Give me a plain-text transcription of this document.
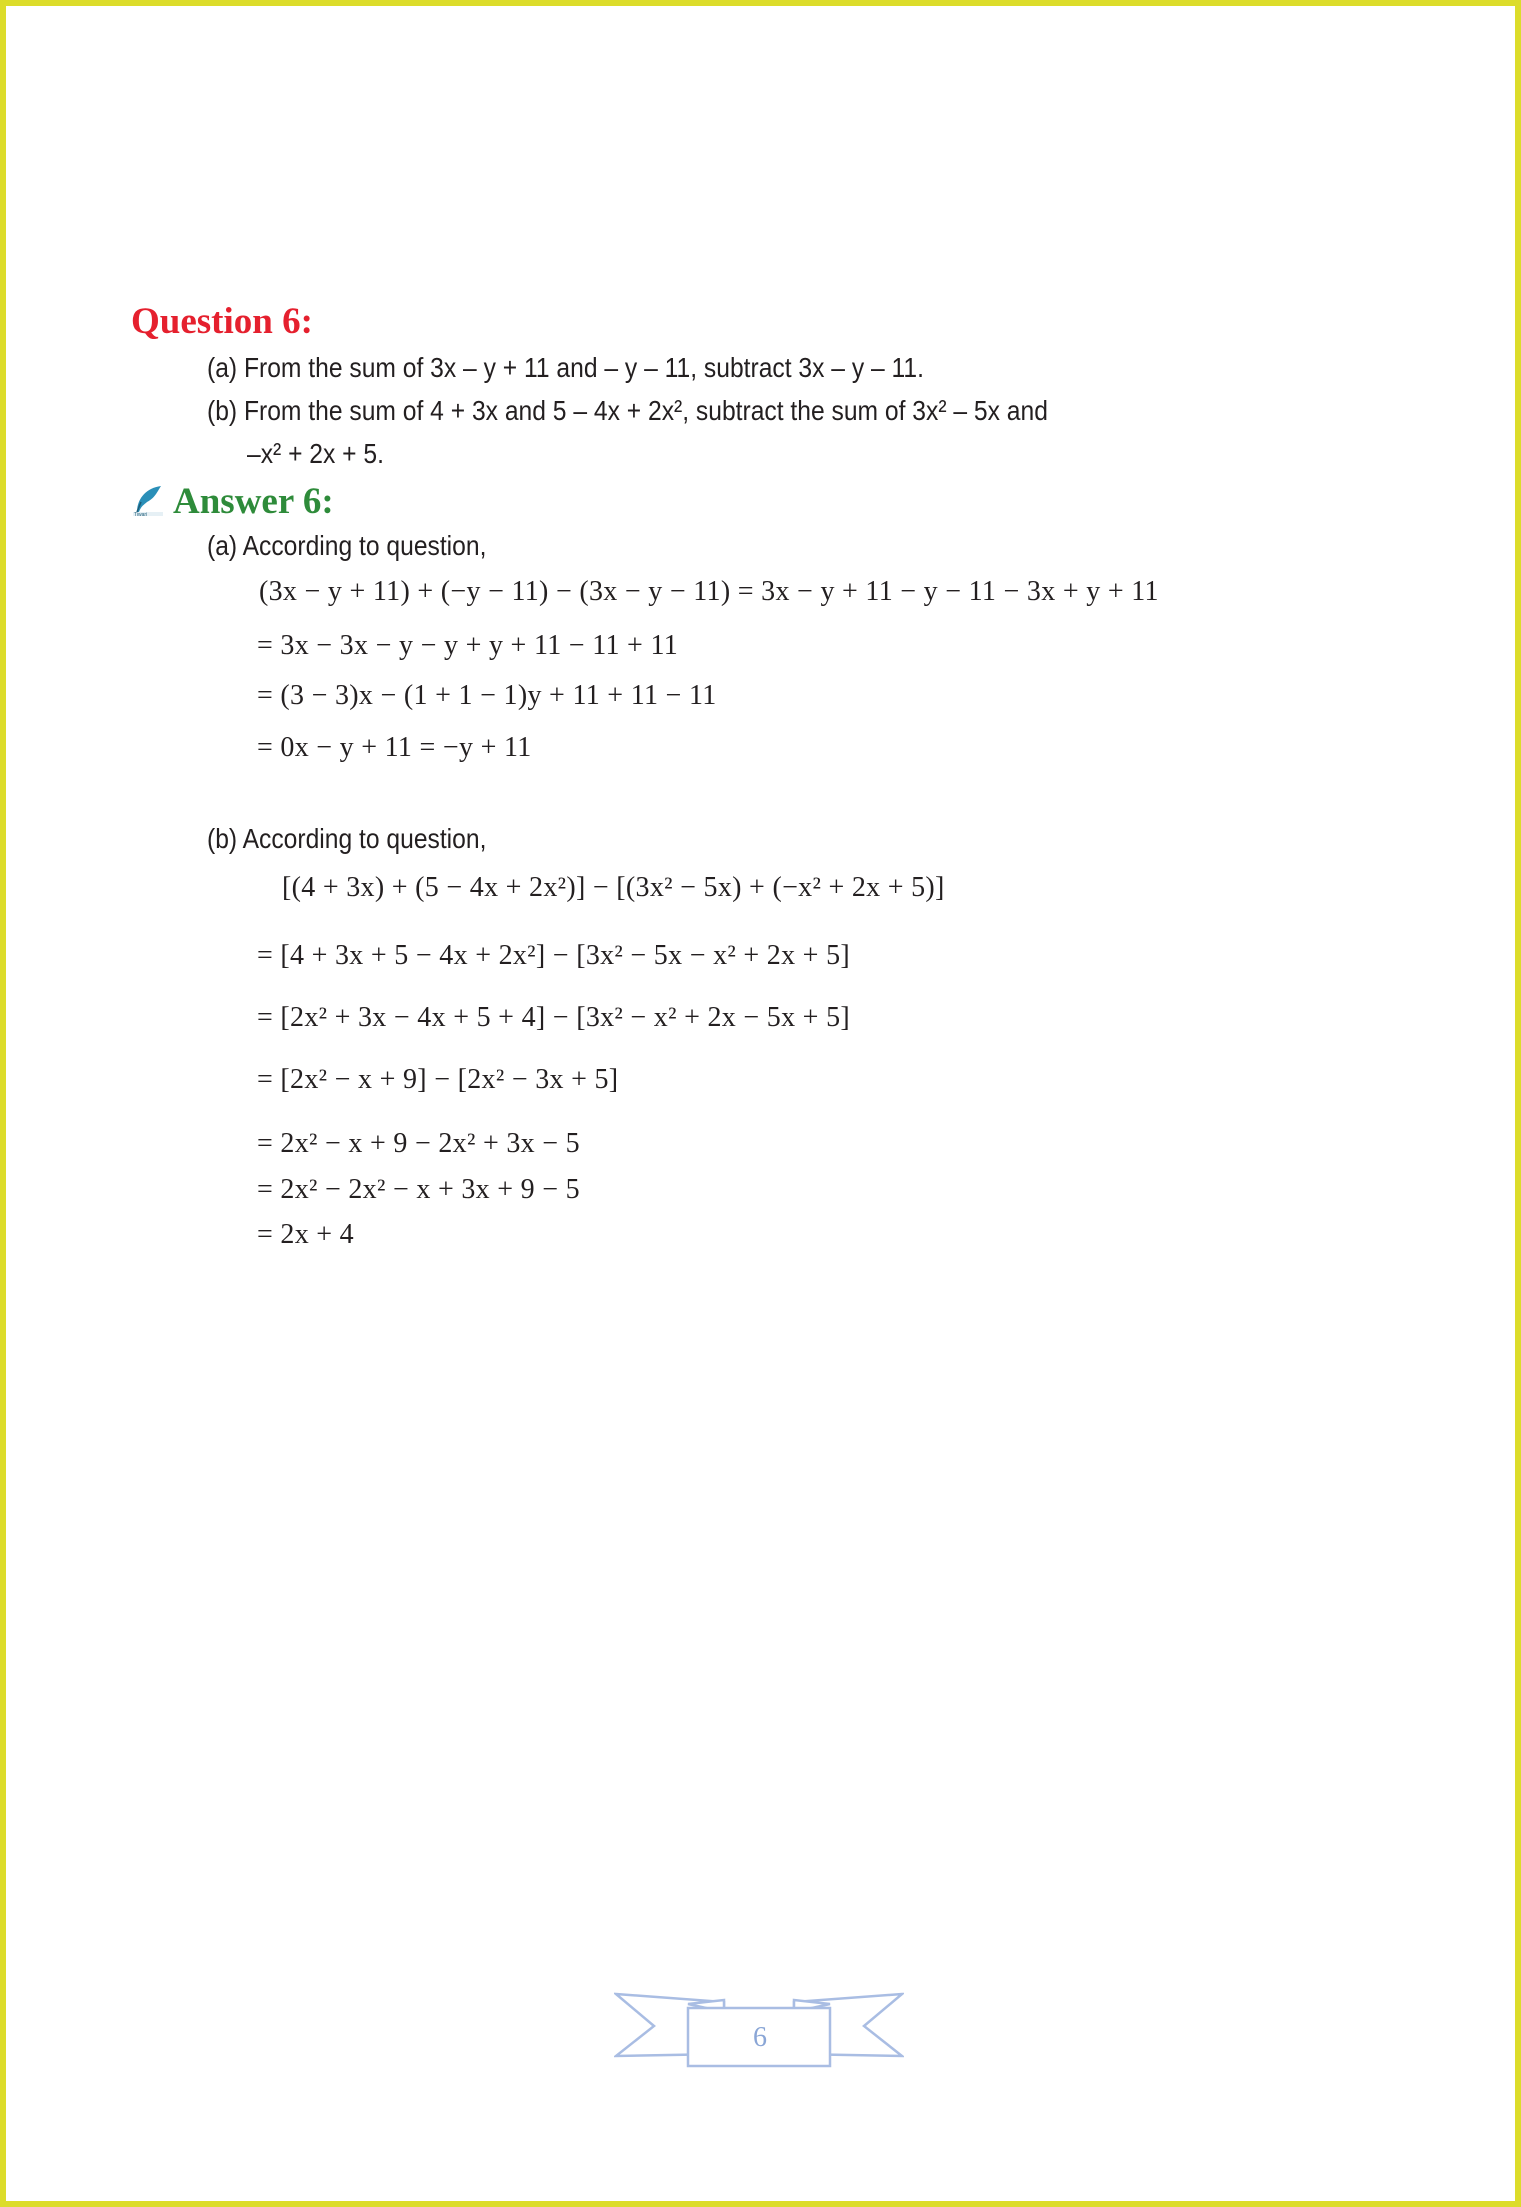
Question 6:
(a) From the sum of 3x – y + 11 and – y – 11, subtract 3x – y – 11.
(b) From the sum of 4 + 3x and 5 – 4x + 2x², subtract the sum of 3x² – 5x and
–x² + 2x + 5.
Tiwari Answer 6:
(a) According to question,
(3x − y + 11) + (−y − 11) − (3x − y − 11) = 3x − y + 11 − y − 11 − 3x + y + 11
= 3x − 3x − y − y + y + 11 − 11 + 11
= (3 − 3)x − (1 + 1 − 1)y + 11 + 11 − 11
= 0x − y + 11 = −y + 11
(b) According to question,
[(4 + 3x) + (5 − 4x + 2x²)] − [(3x² − 5x) + (−x² + 2x + 5)]
= [4 + 3x + 5 − 4x + 2x²] − [3x² − 5x − x² + 2x + 5]
= [2x² + 3x − 4x + 5 + 4] − [3x² − x² + 2x − 5x + 5]
= [2x² − x + 9] − [2x² − 3x + 5]
= 2x² − x + 9 − 2x² + 3x − 5
= 2x² − 2x² − x + 3x + 9 − 5
= 2x + 4
6
